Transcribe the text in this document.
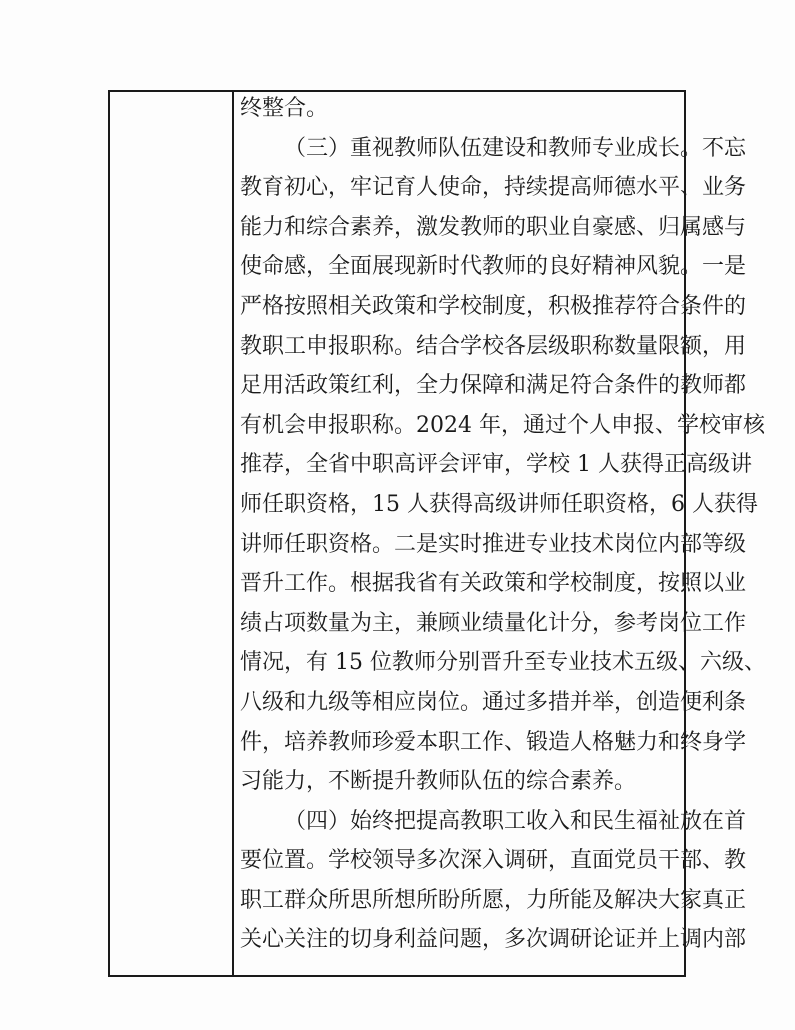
终整合。
（三）重视教师队伍建设和教师专业成长。不忘
教育初心，牢记育人使命，持续提高师德水平、业务
能力和综合素养，激发教师的职业自豪感、归属感与
使命感，全面展现新时代教师的良好精神风貌。一是
严格按照相关政策和学校制度，积极推荐符合条件的
教职工申报职称。结合学校各层级职称数量限额，用
足用活政策红利，全力保障和满足符合条件的教师都
有机会申报职称。2024 年，通过个人申报、学校审核
推荐，全省中职高评会评审，学校 1 人获得正高级讲
师任职资格，15 人获得高级讲师任职资格，6 人获得
讲师任职资格。二是实时推进专业技术岗位内部等级
晋升工作。根据我省有关政策和学校制度，按照以业
绩占项数量为主，兼顾业绩量化计分，参考岗位工作
情况，有 15 位教师分别晋升至专业技术五级、六级、
八级和九级等相应岗位。通过多措并举，创造便利条
件，培养教师珍爱本职工作、锻造人格魅力和终身学
习能力，不断提升教师队伍的综合素养。
（四）始终把提高教职工收入和民生福祉放在首
要位置。学校领导多次深入调研，直面党员干部、教
职工群众所思所想所盼所愿，力所能及解决大家真正
关心关注的切身利益问题，多次调研论证并上调内部
